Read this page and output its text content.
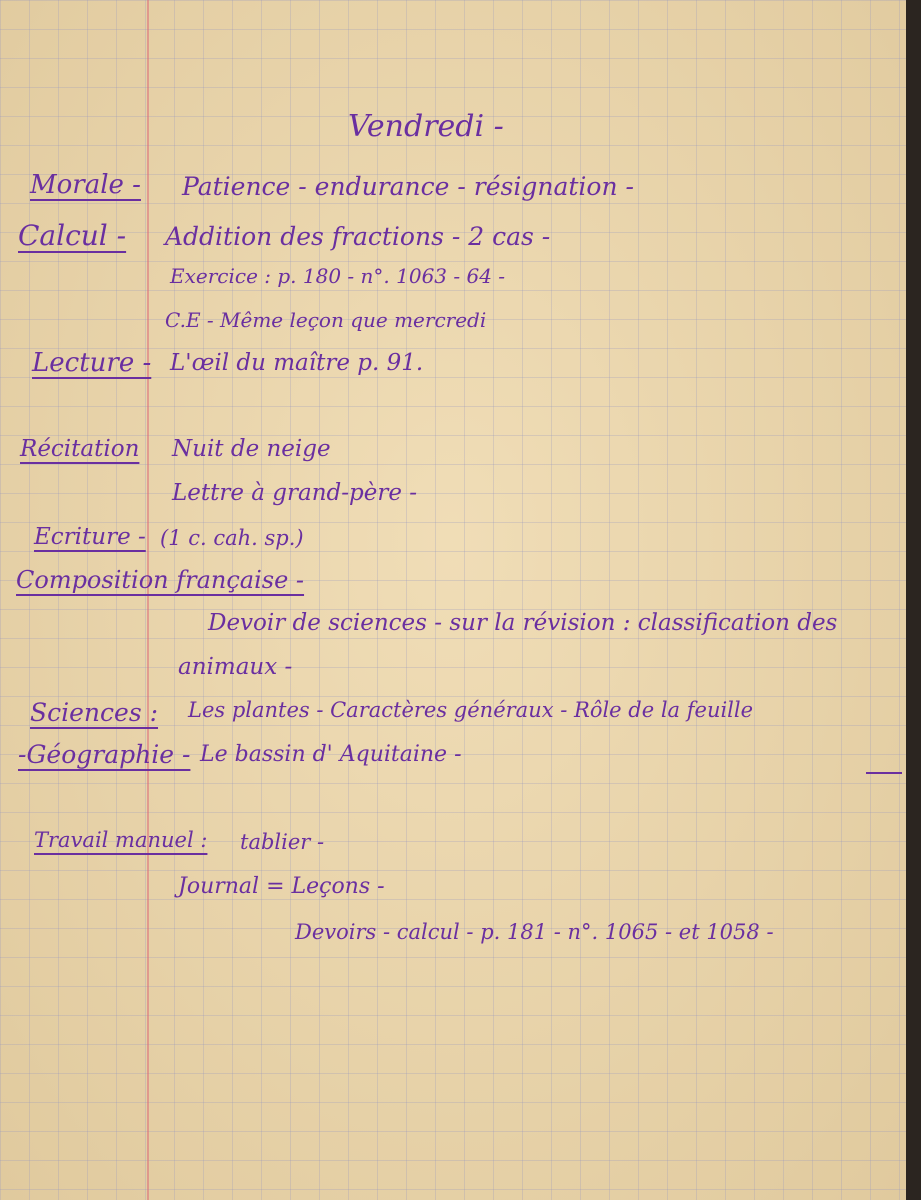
Vendredi -
Morale - Patience - endurance - résignation -
Calcul - Addition des fractions - 2 cas -
Exercice : p. 180 - n°. 1063 - 64 -
C.E - Même leçon que mercredi
Lecture - L'œil du maître p. 91.
Récitation Nuit de neige
Lettre à grand-père -
Ecriture - (1 c. cah. sp.)
Composition française -
Devoir de sciences - sur la révision : classification des
animaux -
Sciences : Les plantes - Caractères généraux - Rôle de la feuille
-Géographie - Le bassin d' Aquitaine -
Travail manuel : tablier -
Journal = Leçons -
Devoirs - calcul - p. 181 - n°. 1065 - et 1058 -
